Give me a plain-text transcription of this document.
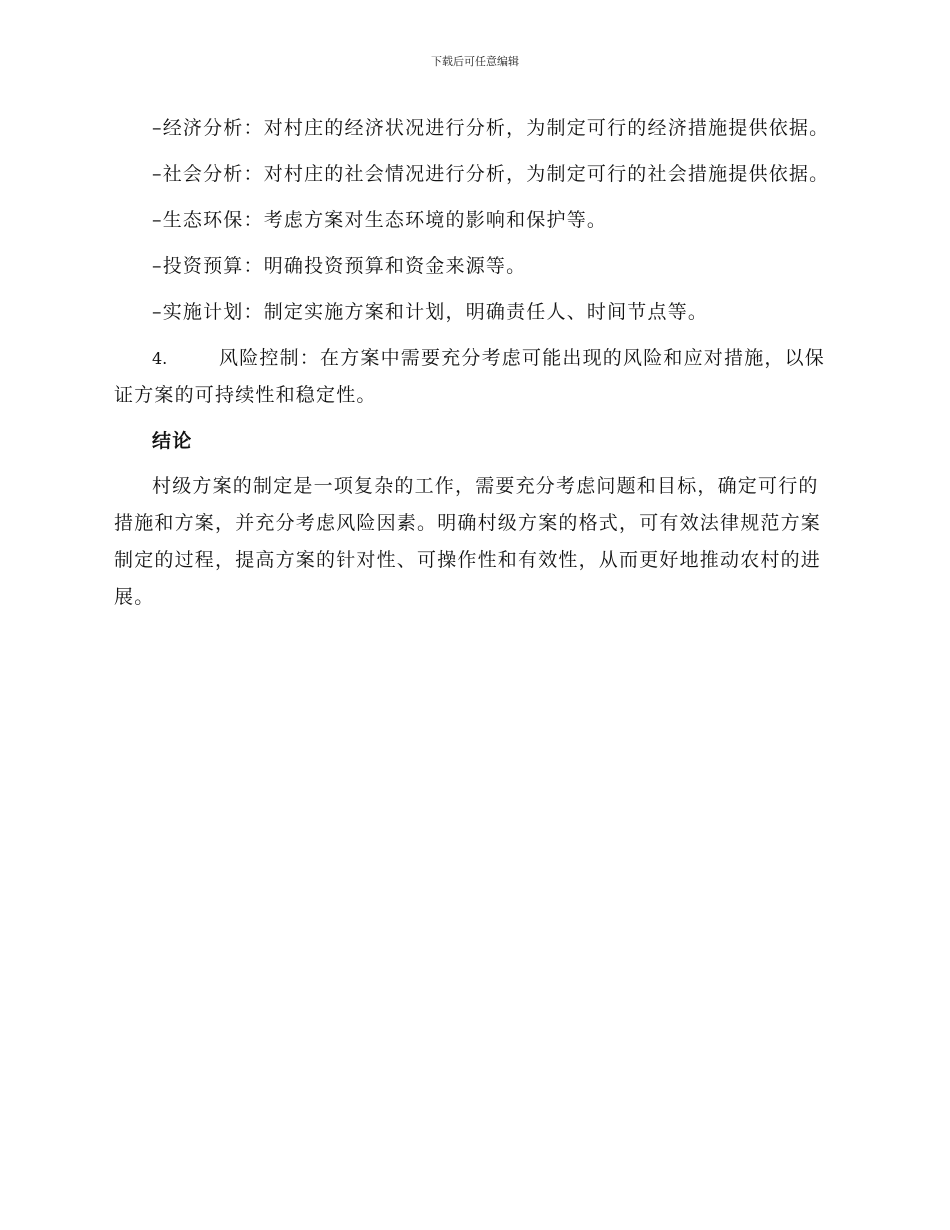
下载后可任意编辑

–经济分析：对村庄的经济状况进行分析，为制定可行的经济措施提供依据。

–社会分析：对村庄的社会情况进行分析，为制定可行的社会措施提供依据。

–生态环保：考虑方案对生态环境的影响和保护等。

–投资预算：明确投资预算和资金来源等。

–实施计划：制定实施方案和计划，明确责任人、时间节点等。

4.	风险控制：在方案中需要充分考虑可能出现的风险和应对措施，以保证方案的可持续性和稳定性。

结论

村级方案的制定是一项复杂的工作，需要充分考虑问题和目标，确定可行的措施和方案，并充分考虑风险因素。明确村级方案的格式，可有效法律规范方案制定的过程，提高方案的针对性、可操作性和有效性，从而更好地推动农村的进展。
